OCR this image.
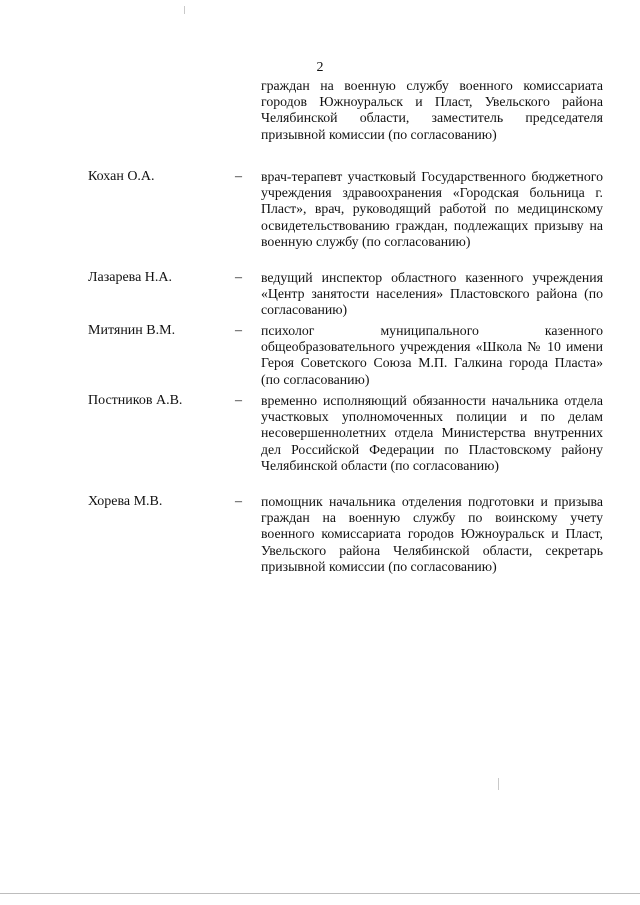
2
граждан на военную службу военного комиссариата городов Южноуральск и Пласт, Увельского района Челябинской области, заместитель председателя призывной комиссии (по согласованию)
Кохан О.А.	– врач-терапевт участковый Государственного бюджетного учреждения здравоохранения «Городская больница г. Пласт», врач, руководящий работой по медицинскому освидетельствованию граждан, подлежащих призыву на военную службу (по согласованию)
Лазарева Н.А.	– ведущий инспектор областного казенного учреждения «Центр занятости населения» Пластовского района (по согласованию)
Митянин В.М.	– психолог муниципального казенного общеобразовательного учреждения «Школа № 10 имени Героя Советского Союза М.П. Галкина города Пласта» (по согласованию)
Постников А.В.	– временно исполняющий обязанности начальника отдела участковых уполномоченных полиции и по делам несовершеннолетних отдела Министерства внутренних дел Российской Федерации по Пластовскому району Челябинской области (по согласованию)
Хорева М.В.	– помощник начальника отделения подготовки и призыва граждан на военную службу по воинскому учету военного комиссариата городов Южноуральск и Пласт, Увельского района Челябинской области, секретарь призывной комиссии (по согласованию)
